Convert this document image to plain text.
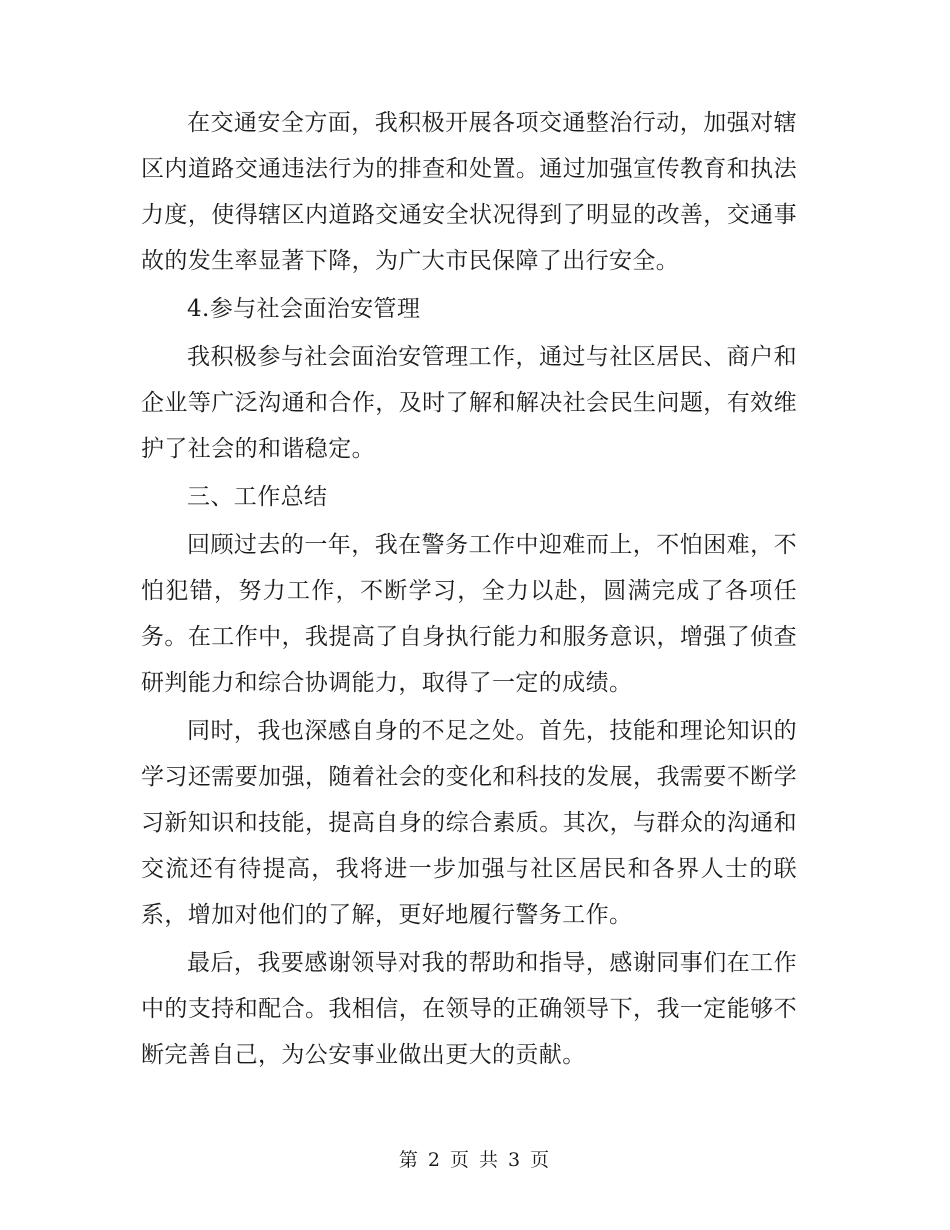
在交通安全方面，我积极开展各项交通整治行动，加强对辖区内道路交通违法行为的排查和处置。通过加强宣传教育和执法力度，使得辖区内道路交通安全状况得到了明显的改善，交通事故的发生率显著下降，为广大市民保障了出行安全。

4.参与社会面治安管理

我积极参与社会面治安管理工作，通过与社区居民、商户和企业等广泛沟通和合作，及时了解和解决社会民生问题，有效维护了社会的和谐稳定。

三、工作总结

回顾过去的一年，我在警务工作中迎难而上，不怕困难，不怕犯错，努力工作，不断学习，全力以赴，圆满完成了各项任务。在工作中，我提高了自身执行能力和服务意识，增强了侦查研判能力和综合协调能力，取得了一定的成绩。

同时，我也深感自身的不足之处。首先，技能和理论知识的学习还需要加强，随着社会的变化和科技的发展，我需要不断学习新知识和技能，提高自身的综合素质。其次，与群众的沟通和交流还有待提高，我将进一步加强与社区居民和各界人士的联系，增加对他们的了解，更好地履行警务工作。

最后，我要感谢领导对我的帮助和指导，感谢同事们在工作中的支持和配合。我相信，在领导的正确领导下，我一定能够不断完善自己，为公安事业做出更大的贡献。

第 2 页 共 3 页
